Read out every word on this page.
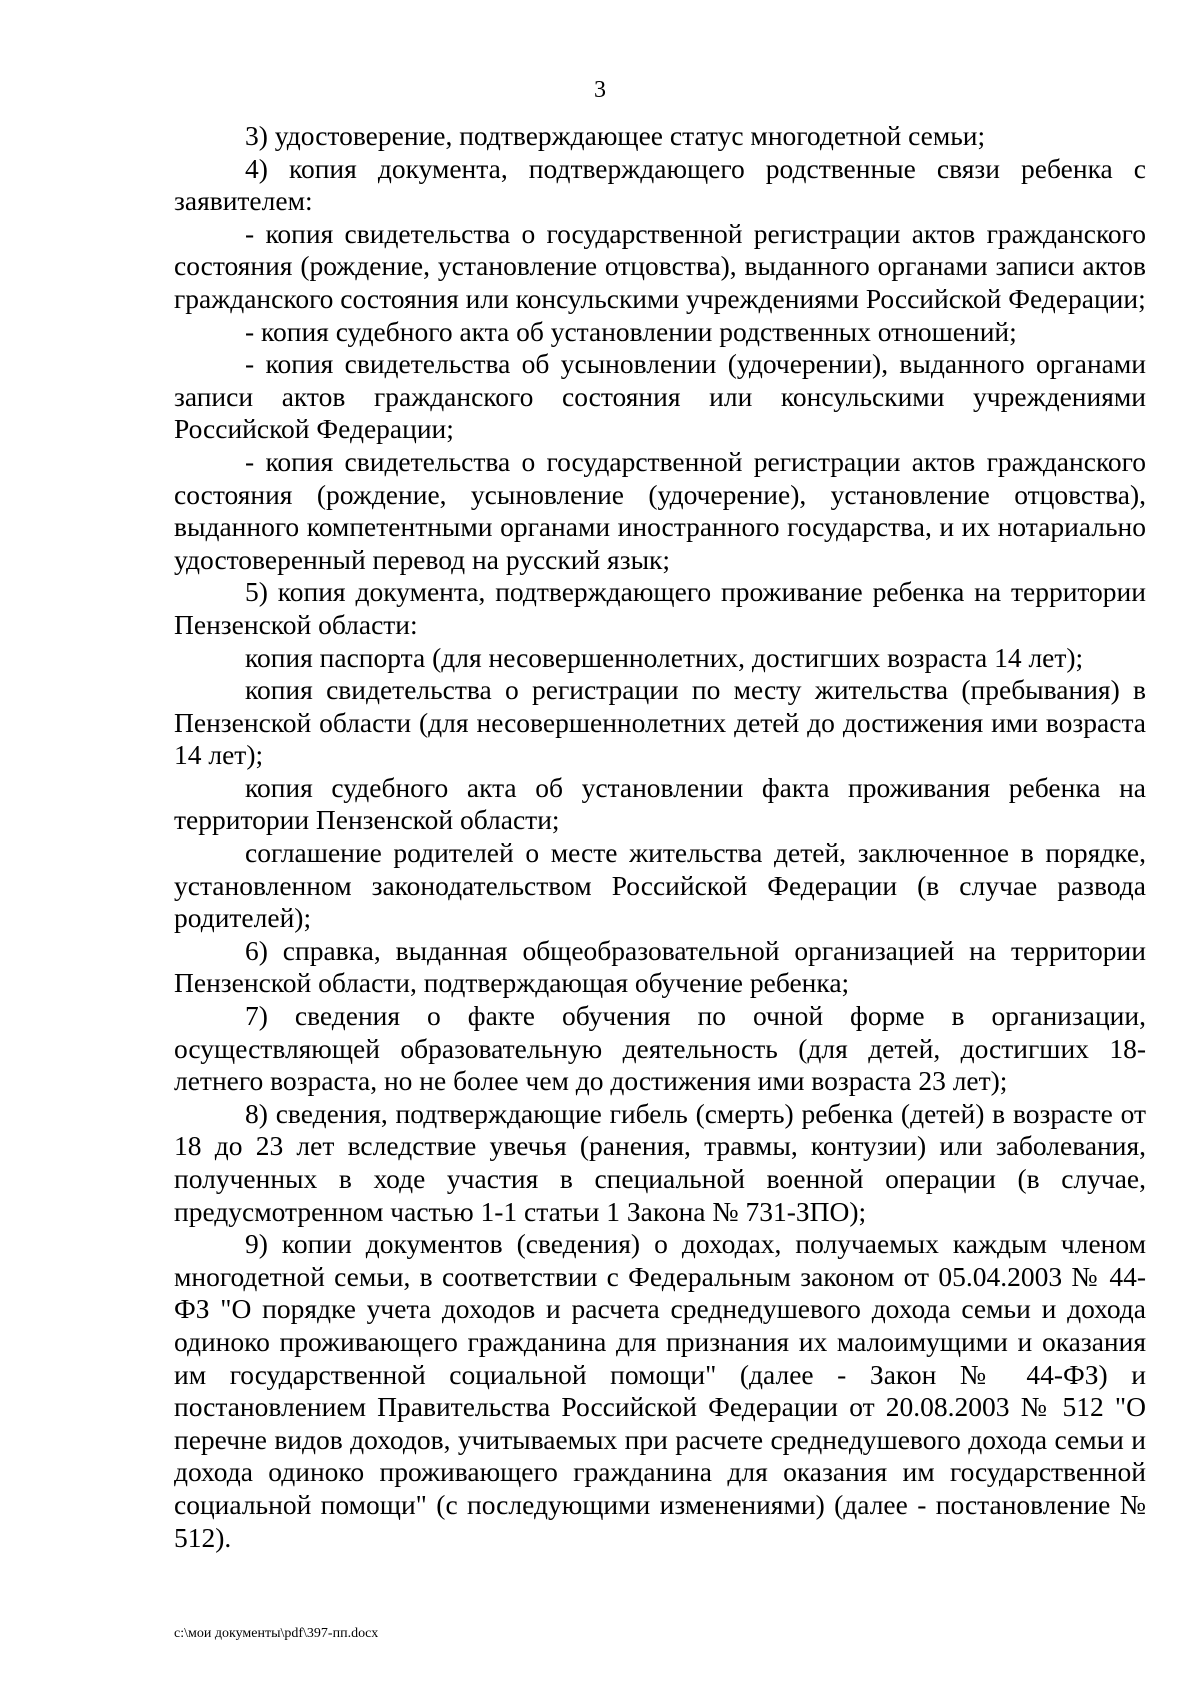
3

3) удостоверение, подтверждающее статус многодетной семьи;

4) копия документа, подтверждающего родственные связи ребенка с заявителем:

- копия свидетельства о государственной регистрации актов гражданского состояния (рождение, установление отцовства), выданного органами записи актов гражданского состояния или консульскими учреждениями Российской Федерации;

- копия судебного акта об установлении родственных отношений;

- копия свидетельства об усыновлении (удочерении), выданного органами записи актов гражданского состояния или консульскими учреждениями Российской Федерации;

- копия свидетельства о государственной регистрации актов гражданского состояния (рождение, усыновление (удочерение), установление отцовства), выданного компетентными органами иностранного государства, и их нотариально удостоверенный перевод на русский язык;

5) копия документа, подтверждающего проживание ребенка на территории Пензенской области:

копия паспорта (для несовершеннолетних, достигших возраста 14 лет);

копия свидетельства о регистрации по месту жительства (пребывания) в Пензенской области (для несовершеннолетних детей до достижения ими возраста 14 лет);

копия судебного акта об установлении факта проживания ребенка на территории Пензенской области;

соглашение родителей о месте жительства детей, заключенное в порядке, установленном законодательством Российской Федерации (в случае развода родителей);

6) справка, выданная общеобразовательной организацией на территории Пензенской области, подтверждающая обучение ребенка;

7) сведения о факте обучения по очной форме в организации, осуществляющей образовательную деятельность (для детей, достигших 18-летнего возраста, но не более чем до достижения ими возраста 23 лет);

8) сведения, подтверждающие гибель (смерть) ребенка (детей) в возрасте от 18 до 23 лет вследствие увечья (ранения, травмы, контузии) или заболевания, полученных в ходе участия в специальной военной операции (в случае, предусмотренном частью 1-1 статьи 1 Закона № 731-ЗПО);

9) копии документов (сведения) о доходах, получаемых каждым членом многодетной семьи, в соответствии с Федеральным законом от 05.04.2003 № 44-ФЗ "О порядке учета доходов и расчета среднедушевого дохода семьи и дохода одиноко проживающего гражданина для признания их малоимущими и оказания им государственной социальной помощи" (далее - Закон № 44-ФЗ) и постановлением Правительства Российской Федерации от 20.08.2003 № 512 "О перечне видов доходов, учитываемых при расчете среднедушевого дохода семьи и дохода одиноко проживающего гражданина для оказания им государственной социальной помощи" (с последующими изменениями) (далее - постановление № 512).

c:\мои документы\pdf\397-пп.docx
